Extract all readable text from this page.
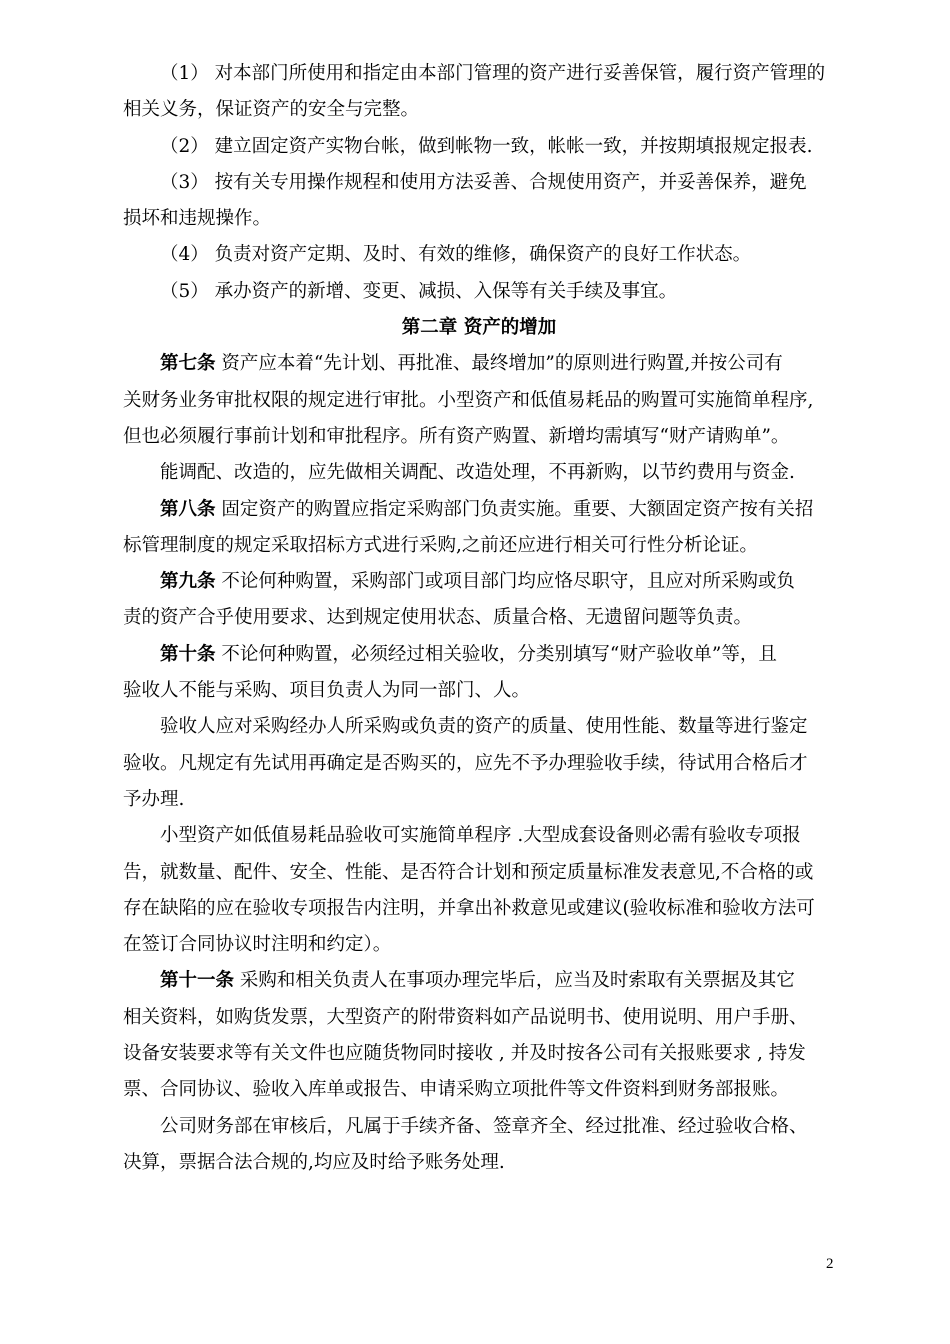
（1） 对本部门所使用和指定由本部门管理的资产进行妥善保管，履行资产管理的
相关义务，保证资产的安全与完整。
（2） 建立固定资产实物台帐，做到帐物一致，帐帐一致，并按期填报规定报表.
（3） 按有关专用操作规程和使用方法妥善、合规使用资产，并妥善保养，避免
损坏和违规操作。
（4） 负责对资产定期、及时、有效的维修，确保资产的良好工作状态。
（5） 承办资产的新增、变更、减损、入保等有关手续及事宜。
第二章 资产的增加
第七条 资产应本着“先计划、再批准、最终增加”的原则进行购置,并按公司有
关财务业务审批权限的规定进行审批。小型资产和低值易耗品的购置可实施简单程序,
但也必须履行事前计划和审批程序。所有资产购置、新增均需填写“财产请购单”。
能调配、改造的，应先做相关调配、改造处理，不再新购，以节约费用与资金.
第八条 固定资产的购置应指定采购部门负责实施。重要、大额固定资产按有关招
标管理制度的规定采取招标方式进行采购,之前还应进行相关可行性分析论证。
第九条 不论何种购置，采购部门或项目部门均应恪尽职守，且应对所采购或负
责的资产合乎使用要求、达到规定使用状态、质量合格、无遗留问题等负责。
第十条 不论何种购置，必须经过相关验收，分类别填写“财产验收单”等，且
验收人不能与采购、项目负责人为同一部门、人。
验收人应对采购经办人所采购或负责的资产的质量、使用性能、数量等进行鉴定
验收。凡规定有先试用再确定是否购买的，应先不予办理验收手续，待试用合格后才
予办理.
小型资产如低值易耗品验收可实施简单程序 .大型成套设备则必需有验收专项报
告，就数量、配件、安全、性能、是否符合计划和预定质量标准发表意见,不合格的或
存在缺陷的应在验收专项报告内注明，并拿出补救意见或建议(验收标准和验收方法可
在签订合同协议时注明和约定）。
第十一条 采购和相关负责人在事项办理完毕后，应当及时索取有关票据及其它
相关资料，如购货发票，大型资产的附带资料如产品说明书、使用说明、用户手册、
设备安装要求等有关文件也应随货物同时接收 , 并及时按各公司有关报账要求 , 持发
票、合同协议、验收入库单或报告、申请采购立项批件等文件资料到财务部报账。
公司财务部在审核后，凡属于手续齐备、签章齐全、经过批准、经过验收合格、
决算，票据合法合规的,均应及时给予账务处理.
2
